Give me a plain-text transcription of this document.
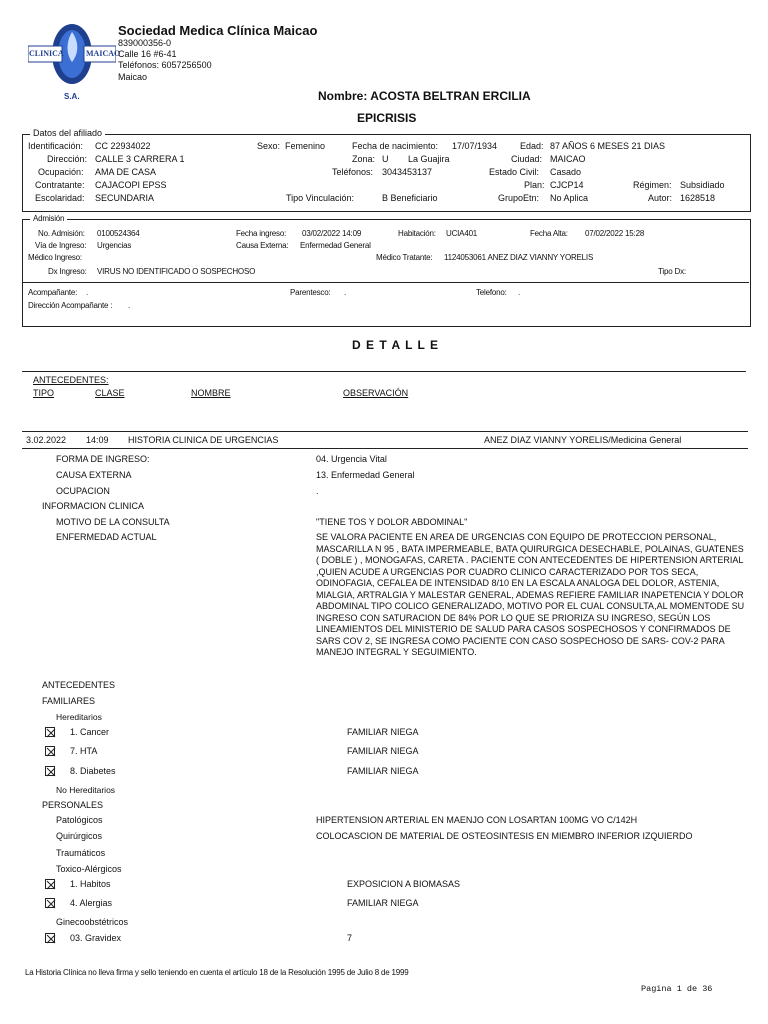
CLINICA	MAICAO
S.A.
Sociedad Medica Clínica Maicao
839000356-0
Calle 16 #6-41
Teléfonos: 6057256500
Maicao
Nombre: ACOSTA BELTRAN ERCILIA
EPICRISIS
Datos del afiliado
Identificación: CC 22934022	Sexo: Femenino	Fecha de nacimiento: 17/07/1934	Edad: 87 AÑOS 6 MESES 21 DIAS
Dirección: CALLE 3 CARRERA 1	Zona: U La Guajira	Ciudad: MAICAO
Ocupación: AMA DE CASA	Teléfonos: 3043453137	Estado Civil: Casado
Contratante: CAJACOPI EPSS	Plan: CJCP14	Régimen: Subsidiado
Escolaridad: SECUNDARIA	Tipo Vinculación:	B Beneficiario	GrupoEtn: No Aplica	Autor: 1628518
Admisión
No. Admisión: 0100524364	Fecha ingreso: 03/02/2022 14:09	Habitación: UCIA401	Fecha Alta: 07/02/2022 15:28
Vía de Ingreso: Urgencias	Causa Externa: Enfermedad General
Médico Ingreso:	Médico Tratante: 1124053061 ANEZ DIAZ VIANNY YORELIS
Dx Ingreso: VIRUS NO IDENTIFICADO O SOSPECHOSO	Tipo Dx:
Acompañante: .	Parentesco: .	Telefono: .
Dirección Acompañante : .
D E T A L L E
ANTECEDENTES:
TIPO	CLASE	NOMBRE	OBSERVACIÓN
3.02.2022 14:09 HISTORIA CLINICA DE URGENCIAS	ANEZ DIAZ VIANNY YORELIS/Medicina General
FORMA DE INGRESO:	04. Urgencia Vital
CAUSA EXTERNA	13. Enfermedad General
OCUPACION	.
INFORMACION CLINICA
MOTIVO DE LA CONSULTA	"TIENE TOS Y DOLOR ABDOMINAL"
ENFERMEDAD ACTUAL	SE VALORA PACIENTE EN AREA DE URGENCIAS CON EQUIPO DE PROTECCION PERSONAL, MASCARILLA N 95 , BATA IMPERMEABLE, BATA QUIRURGICA DESECHABLE, POLAINAS, GUATENES ( DOBLE ) , MONOGAFAS, CARETA . PACIENTE CON ANTECEDENTES DE HIPERTENSION ARTERIAL ,QUIEN ACUDE A URGENCIAS POR CUADRO CLINICO CARACTERIZADO POR TOS SECA, ODINOFAGIA, CEFALEA DE INTENSIDAD 8/10 EN LA ESCALA ANALOGA DEL DOLOR, ASTENIA, MIALGIA, ARTRALGIA Y MALESTAR GENERAL, ADEMAS REFIERE FAMILIAR INAPETENCIA Y DOLOR ABDOMINAL TIPO COLICO GENERALIZADO, MOTIVO POR EL CUAL CONSULTA,AL MOMENTODE SU INGRESO CON SATURACION DE 84% POR LO QUE SE PRIORIZA SU INGRESO, SEGÚN LOS LINEAMIENTOS DEL MINISTERIO DE SALUD PARA CASOS SOSPECHOSOS Y CONFIRMADOS DE SARS COV 2, SE INGRESA COMO PACIENTE CON CASO SOSPECHOSO DE SARS- COV-2 PARA MANEJO INTEGRAL Y SEGUIMIENTO.
ANTECEDENTES
FAMILIARES
Hereditarios
1. Cancer	FAMILIAR NIEGA
7. HTA	FAMILIAR NIEGA
8. Diabetes	FAMILIAR NIEGA
No Hereditarios
PERSONALES
Patológicos	HIPERTENSION ARTERIAL EN MAENJO CON LOSARTAN 100MG VO C/142H
Quirúrgicos	COLOCASCION DE MATERIAL DE OSTEOSINTESIS EN MIEMBRO INFERIOR IZQUIERDO
Traumáticos
Toxico-Alérgicos
1. Habitos	EXPOSICION A BIOMASAS
4. Alergias	FAMILIAR NIEGA
Ginecoobstétricos
03. Gravidex	7
La Historia Clínica no lleva firma y sello teniendo en cuenta el artículo 18 de la Resolución 1995 de Julio 8 de 1999
Pagina 1 de 36
